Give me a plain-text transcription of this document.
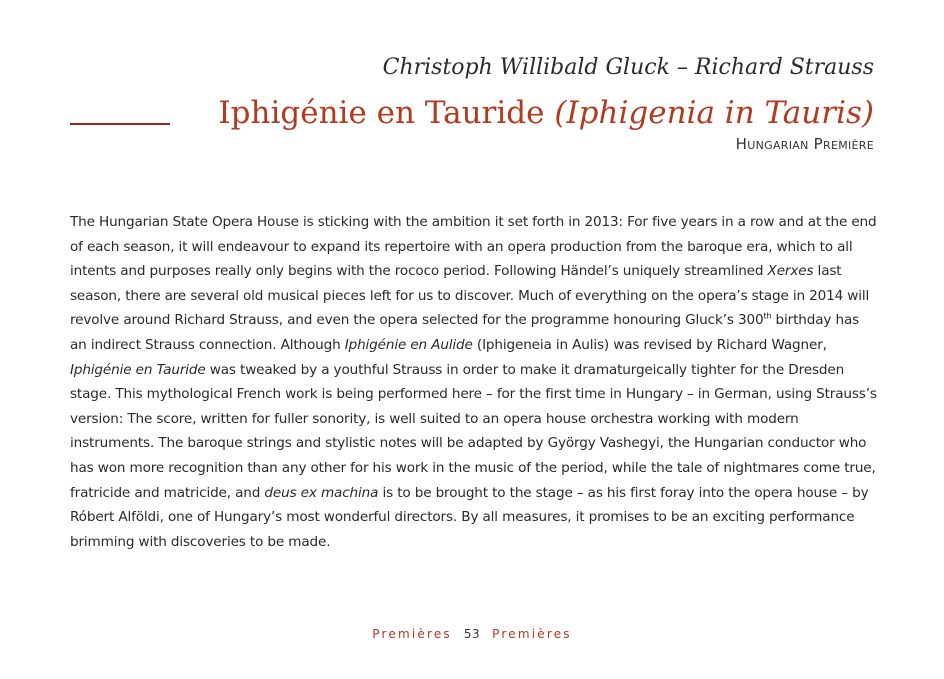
Christoph Willibald Gluck – Richard Strauss
Iphigénie en Tauride (Iphigenia in Tauris)
Hungarian Première

The Hungarian State Opera House is sticking with the ambition it set forth in 2013: For five years in a row and at the end of each season, it will endeavour to expand its repertoire with an opera production from the baroque era, which to all intents and purposes really only begins with the rococo period. Following Händel’s uniquely streamlined Xerxes last season, there are several old musical pieces left for us to discover. Much of everything on the opera’s stage in 2014 will revolve around Richard Strauss, and even the opera selected for the programme honouring Gluck’s 300th birthday has an indirect Strauss connection. Although Iphigénie en Aulide (Iphigeneia in Aulis) was revised by Richard Wagner, Iphigénie en Tauride was tweaked by a youthful Strauss in order to make it dramaturgeically tighter for the Dresden stage. This mythological French work is being performed here – for the first time in Hungary – in German, using Strauss’s version: The score, written for fuller sonority, is well suited to an opera house orchestra working with modern instruments. The baroque strings and stylistic notes will be adapted by György Vashegyi, the Hungarian conductor who has won more recognition than any other for his work in the music of the period, while the tale of nightmares come true, fratricide and matricide, and deus ex machina is to be brought to the stage – as his first foray into the opera house – by Róbert Alföldi, one of Hungary’s most wonderful directors. By all measures, it promises to be an exciting performance brimming with discoveries to be made.

Premières 53 Premières
